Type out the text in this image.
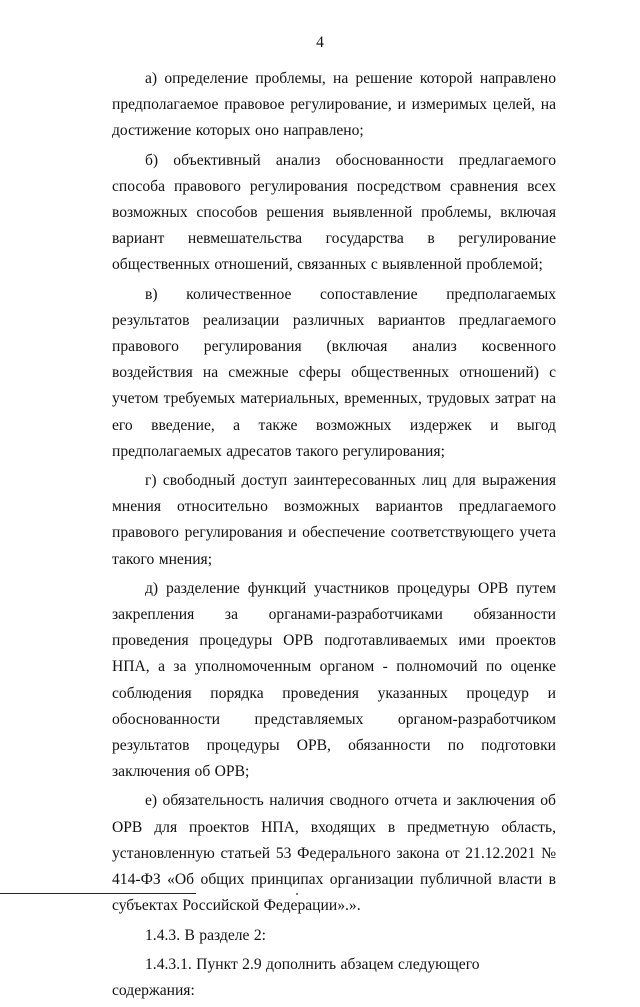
4

а) определение проблемы, на решение которой направлено предполагаемое правовое регулирование, и измеримых целей, на достижение которых оно направлено;

б) объективный анализ обоснованности предлагаемого способа правового регулирования посредством сравнения всех возможных способов решения выявленной проблемы, включая вариант невмешательства государства в регулирование общественных отношений, связанных с выявленной проблемой;

в) количественное сопоставление предполагаемых результатов реализации различных вариантов предлагаемого правового регулирования (включая анализ косвенного воздействия на смежные сферы общественных отношений) с учетом требуемых материальных, временных, трудовых затрат на его введение, а также возможных издержек и выгод предполагаемых адресатов такого регулирования;

г) свободный доступ заинтересованных лиц для выражения мнения относительно возможных вариантов предлагаемого правового регулирования и обеспечение соответствующего учета такого мнения;

д) разделение функций участников процедуры ОРВ путем закрепления за органами-разработчиками обязанности проведения процедуры ОРВ подготавливаемых ими проектов НПА, а за уполномоченным органом - полномочий по оценке соблюдения порядка проведения указанных процедур и обоснованности представляемых органом-разработчиком результатов процедуры ОРВ, обязанности по подготовки заключения об ОРВ;

е) обязательность наличия сводного отчета и заключения об ОРВ для проектов НПА, входящих в предметную область, установленную статьей 53 Федерального закона от 21.12.2021 № 414-ФЗ «Об общих принципах организации публичной власти в субъектах Российской Федерации».».

1.4.3. В разделе 2:

1.4.3.1. Пункт 2.9 дополнить абзацем следующего содержания:
